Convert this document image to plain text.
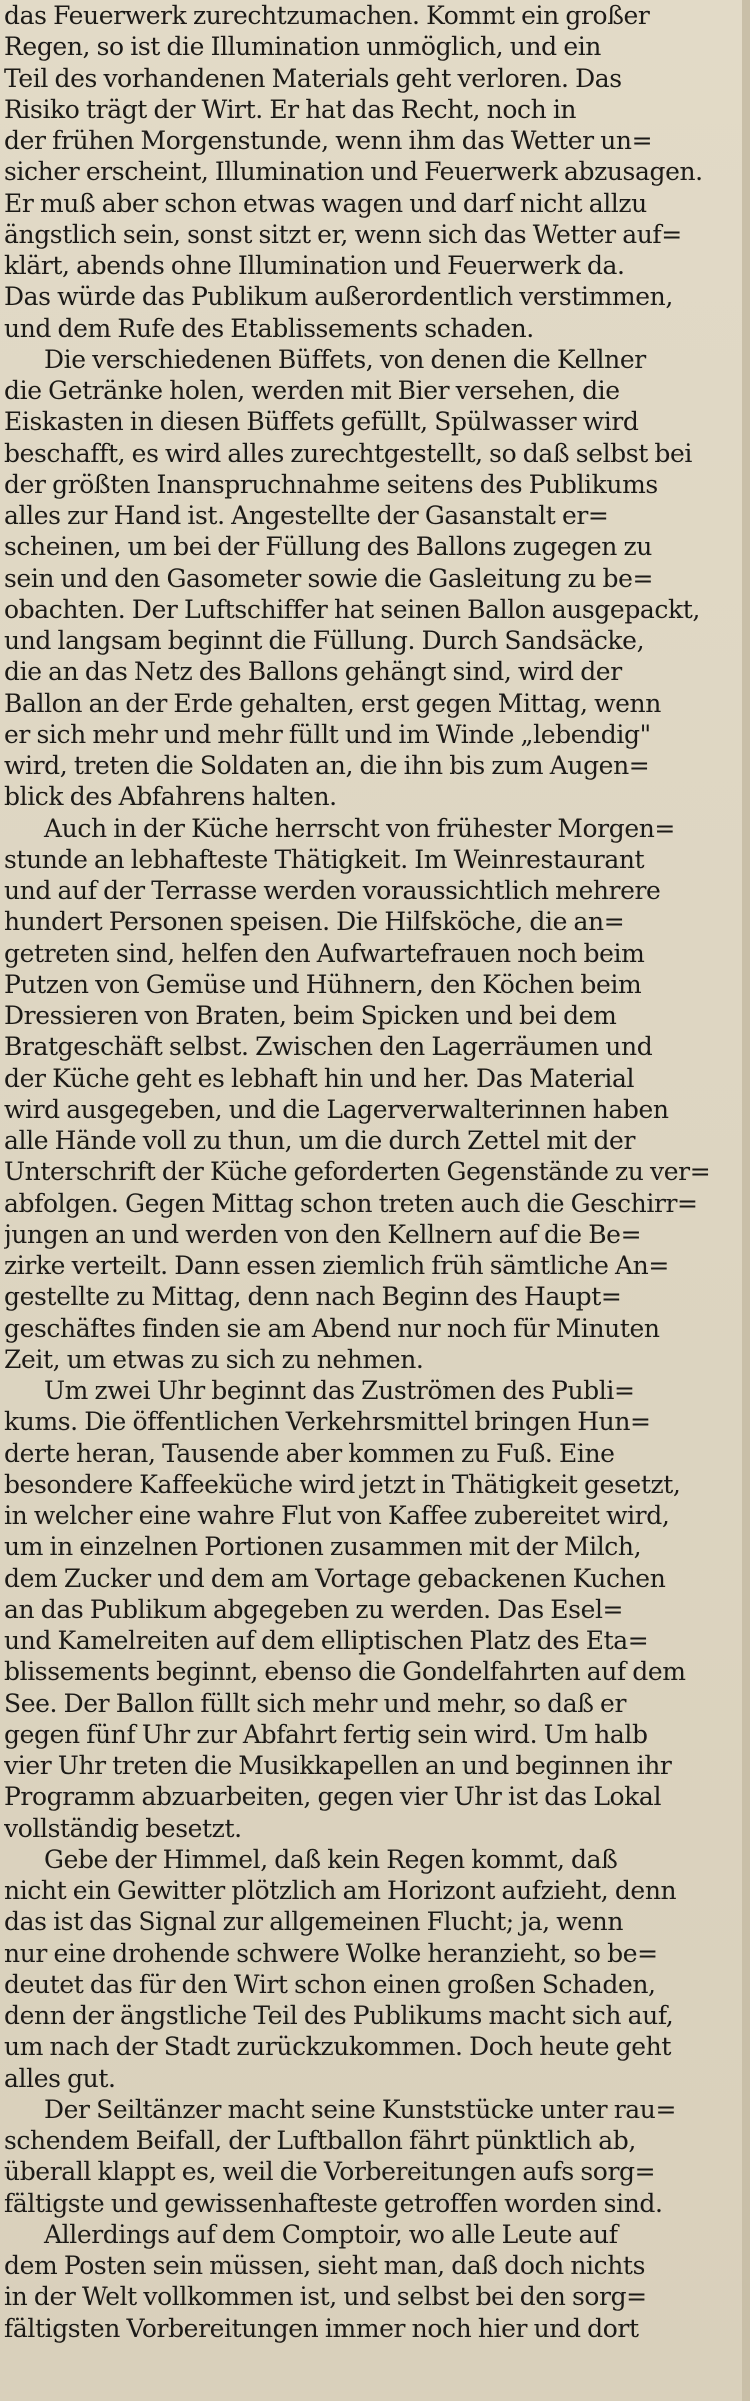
das Feuerwerk zurechtzumachen. Kommt ein großer
Regen, so ist die Illumination unmöglich, und ein
Teil des vorhandenen Materials geht verloren. Das
Risiko trägt der Wirt. Er hat das Recht, noch in
der frühen Morgenstunde, wenn ihm das Wetter un=
sicher erscheint, Illumination und Feuerwerk abzusagen.
Er muß aber schon etwas wagen und darf nicht allzu
ängstlich sein, sonst sitzt er, wenn sich das Wetter auf=
klärt, abends ohne Illumination und Feuerwerk da.
Das würde das Publikum außerordentlich verstimmen,
und dem Rufe des Etablissements schaden.

Die verschiedenen Büffets, von denen die Kellner
die Getränke holen, werden mit Bier versehen, die
Eiskasten in diesen Büffets gefüllt, Spülwasser wird
beschafft, es wird alles zurechtgestellt, so daß selbst bei
der größten Inanspruchnahme seitens des Publikums
alles zur Hand ist. Angestellte der Gasanstalt er=
scheinen, um bei der Füllung des Ballons zugegen zu
sein und den Gasometer sowie die Gasleitung zu be=
obachten. Der Luftschiffer hat seinen Ballon ausgepackt,
und langsam beginnt die Füllung. Durch Sandsäcke,
die an das Netz des Ballons gehängt sind, wird der
Ballon an der Erde gehalten, erst gegen Mittag, wenn
er sich mehr und mehr füllt und im Winde „lebendig"
wird, treten die Soldaten an, die ihn bis zum Augen=
blick des Abfahrens halten.

Auch in der Küche herrscht von frühester Morgen=
stunde an lebhafteste Thätigkeit. Im Weinrestaurant
und auf der Terrasse werden voraussichtlich mehrere
hundert Personen speisen. Die Hilfsköche, die an=
getreten sind, helfen den Aufwartefrauen noch beim
Putzen von Gemüse und Hühnern, den Köchen beim
Dressieren von Braten, beim Spicken und bei dem
Bratgeschäft selbst. Zwischen den Lagerräumen und
der Küche geht es lebhaft hin und her. Das Material
wird ausgegeben, und die Lagerverwalterinnen haben
alle Hände voll zu thun, um die durch Zettel mit der
Unterschrift der Küche geforderten Gegenstände zu ver=
abfolgen. Gegen Mittag schon treten auch die Geschirr=
jungen an und werden von den Kellnern auf die Be=
zirke verteilt. Dann essen ziemlich früh sämtliche An=
gestellte zu Mittag, denn nach Beginn des Haupt=
geschäftes finden sie am Abend nur noch für Minuten
Zeit, um etwas zu sich zu nehmen.

Um zwei Uhr beginnt das Zuströmen des Publi=
kums. Die öffentlichen Verkehrsmittel bringen Hun=
derte heran, Tausende aber kommen zu Fuß. Eine
besondere Kaffeeküche wird jetzt in Thätigkeit gesetzt,
in welcher eine wahre Flut von Kaffee zubereitet wird,
um in einzelnen Portionen zusammen mit der Milch,
dem Zucker und dem am Vortage gebackenen Kuchen
an das Publikum abgegeben zu werden. Das Esel=
und Kamelreiten auf dem elliptischen Platz des Eta=
blissements beginnt, ebenso die Gondelfahrten auf dem
See. Der Ballon füllt sich mehr und mehr, so daß er
gegen fünf Uhr zur Abfahrt fertig sein wird. Um halb
vier Uhr treten die Musikkapellen an und beginnen ihr
Programm abzuarbeiten, gegen vier Uhr ist das Lokal
vollständig besetzt.

Gebe der Himmel, daß kein Regen kommt, daß
nicht ein Gewitter plötzlich am Horizont aufzieht, denn
das ist das Signal zur allgemeinen Flucht; ja, wenn
nur eine drohende schwere Wolke heranzieht, so be=
deutet das für den Wirt schon einen großen Schaden,
denn der ängstliche Teil des Publikums macht sich auf,
um nach der Stadt zurückzukommen. Doch heute geht
alles gut.

Der Seiltänzer macht seine Kunststücke unter rau=
schendem Beifall, der Luftballon fährt pünktlich ab,
überall klappt es, weil die Vorbereitungen aufs sorg=
fältigste und gewissenhafteste getroffen worden sind.

Allerdings auf dem Comptoir, wo alle Leute auf
dem Posten sein müssen, sieht man, daß doch nichts
in der Welt vollkommen ist, und selbst bei den sorg=
fältigsten Vorbereitungen immer noch hier und dort
